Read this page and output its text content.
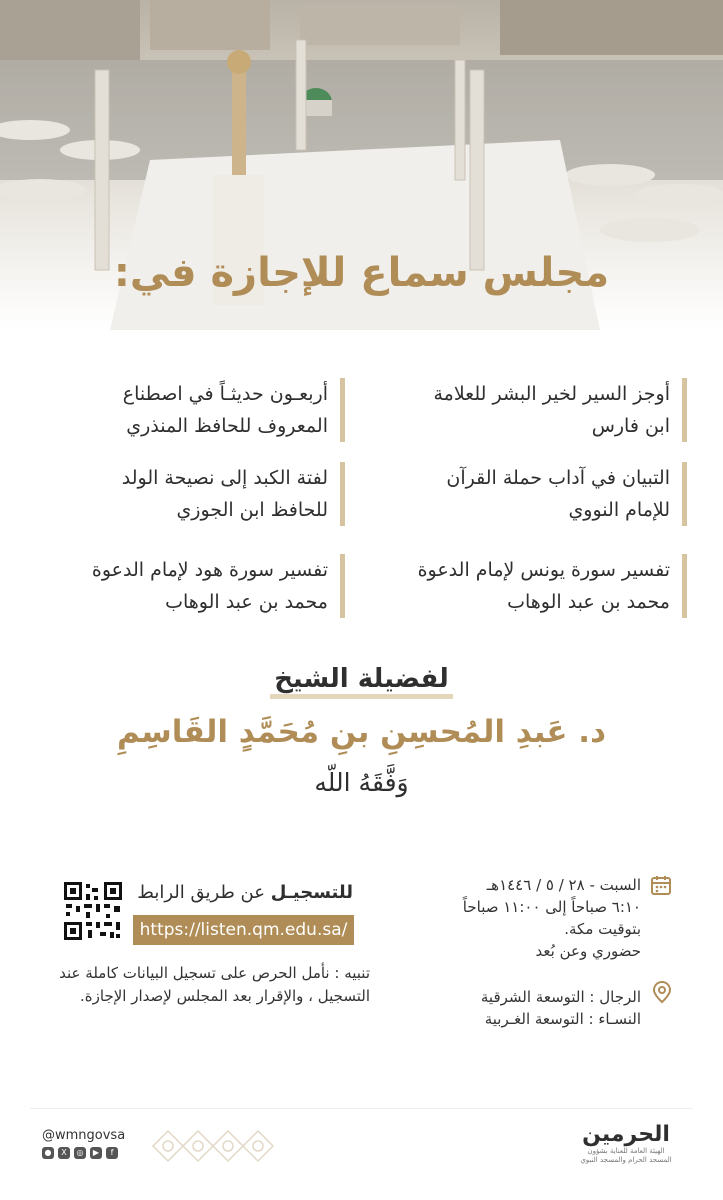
مجلس سماع للإجازة في:
أوجز السير لخير البشر للعلامة
ابن فارس
التبيان في آداب حملة القرآن
للإمام النووي
تفسير سورة يونس لإمام الدعوة
محمد بن عبد الوهاب
أربعـون حديثـاً في اصطناع
المعروف للحافظ المنذري
لفتة الكبد إلى نصيحة الولد
للحافظ ابن الجوزي
تفسير سورة هود لإمام الدعوة
محمد بن عبد الوهاب
لفضيلة الشيخ
د. عَبدِ المُحسِنِ بنِ مُحَمَّدٍ القَاسِمِ
وَفَّقَهُ اللّه
السبت - ٢٨ / ٥ / ١٤٤٦هـ
٦:١٠ صباحاً إلى ١١:٠٠ صباحاً
بتوقيت مكة.
حضوري وعن بُعد
الرجال : التوسعة الشرقية
النسـاء : التوسعة الغـربية
للتسجيـل عن طريق الرابط
https://listen.qm.edu.sa/
تنبيه : نأمل الحرص على تسجيل البيانات كاملة عند التسجيل ، والإقرار بعد المجلس لإصدار الإجازة.
@wmngovsa
●	X	◎	▶	f
الحرمين
الهيئة العامة للعناية بشؤون
المسجد الحرام والمسجد النبوي
